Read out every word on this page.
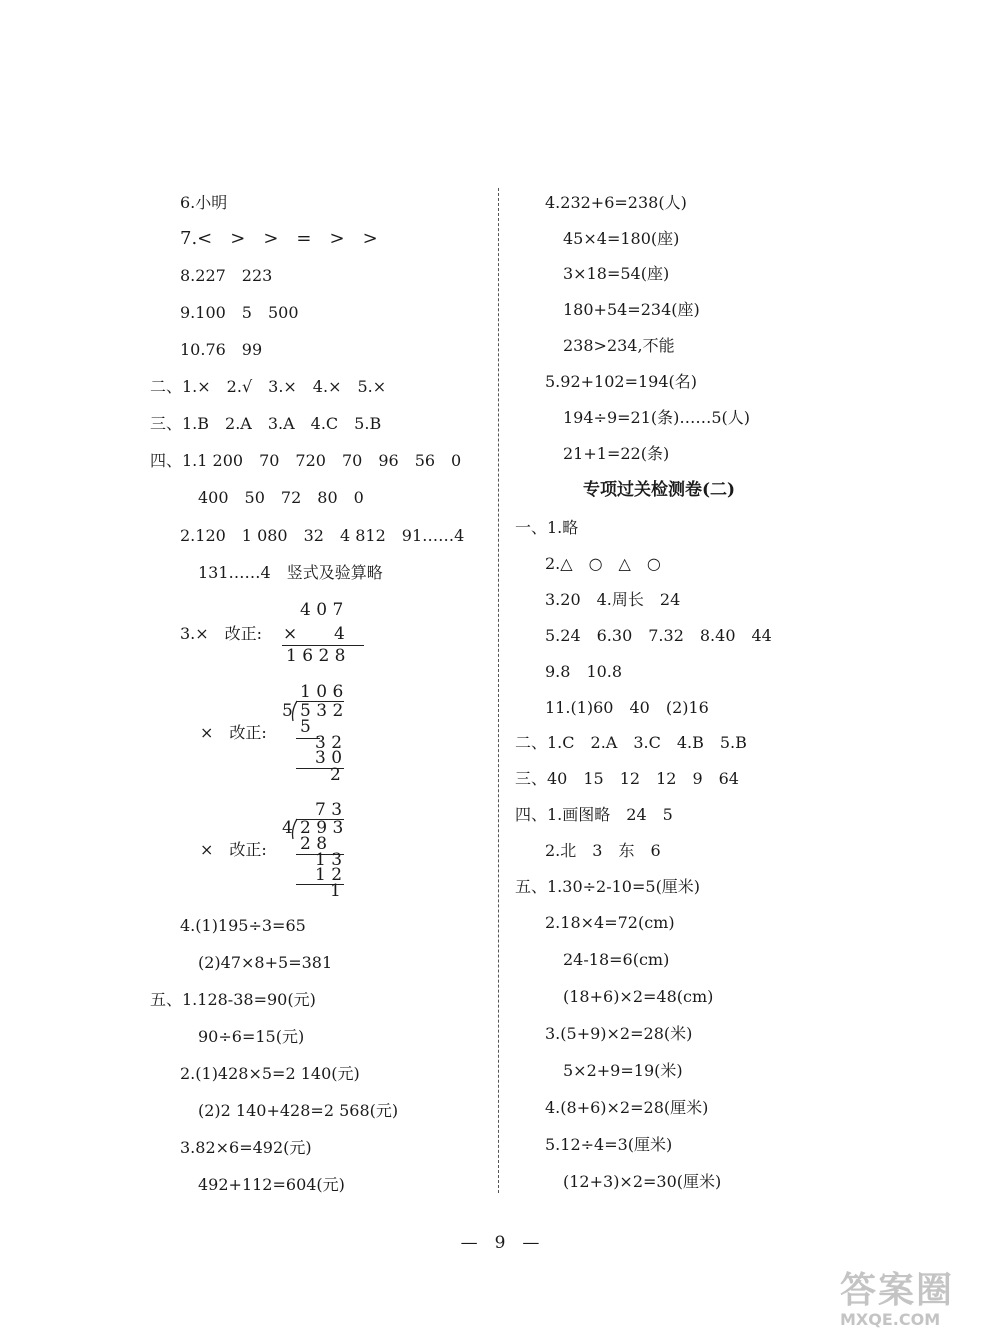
6.小明
7.<　>　>　=　>　>
8.227　223
9.100　5　500
10.76　99
二、1.×　2.√　3.×　4.×　5.×
三、1.B　2.A　3.A　4.C　5.B
四、1.1 200　70　720　70　96　56　0
400　50　72　80　0
2.120　1 080　32　4 812　91……4
131……4　竖式及验算略
4 0 7
3.×　改正: × 4
1 6 2 8
1 0 6
5 5 3 2
×　改正: 5
3 2
3 0
2
7 3
4 2 9 3
2 8
×　改正:
1 3
1 2
1
4.(1)195÷3=65
(2)47×8+5=381
五、1.128-38=90(元)
90÷6=15(元)
2.(1)428×5=2 140(元)
(2)2 140+428=2 568(元)
3.82×6=492(元)
492+112=604(元)
4.232+6=238(人)
45×4=180(座)
3×18=54(座)
180+54=234(座)
238>234,不能
5.92+102=194(名)
194÷9=21(条)……5(人)
21+1=22(条)
专项过关检测卷(二)
一、1.略
2.△　○　△　○
3.20　4.周长　24
5.24　6.30　7.32　8.40　44
9.8　10.8
11.(1)60　40　(2)16
二、1.C　2.A　3.C　4.B　5.B
三、40　15　12　12　9　64
四、1.画图略　24　5
2.北　3　东　6
五、1.30÷2-10=5(厘米)
2.18×4=72(cm)
24-18=6(cm)
(18+6)×2=48(cm)
3.(5+9)×2=28(米)
5×2+9=19(米)
4.(8+6)×2=28(厘米)
5.12÷4=3(厘米)
(12+3)×2=30(厘米)
—　9　—
答案圈
MXQE.COM
